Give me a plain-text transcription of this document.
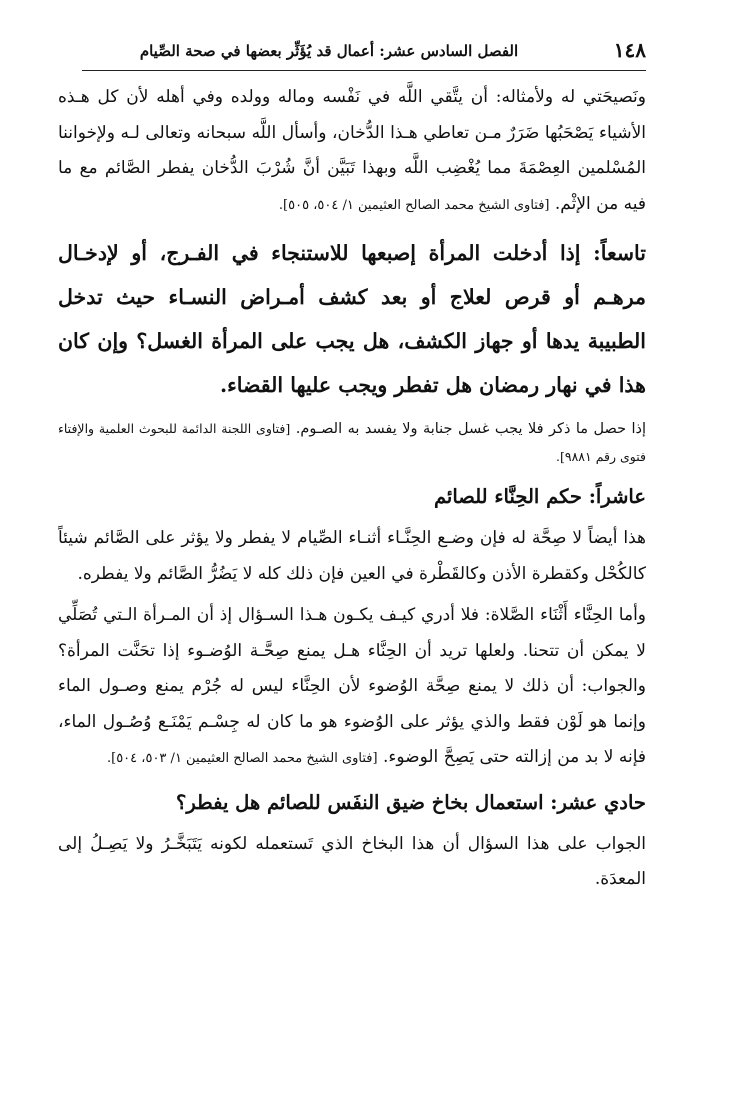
١٤٨
الفصل السادس عشر: أعمال قد يُؤَثِّر بعضها في صحة الصِّيام

ونَصيحَتي له ولأمثاله: أن يتَّقي اللَّه في نَفْسه وماله وولده وفي أهله لأن كل هـذه الأشياء يَصْحَبُها ضَرَرٌ مـن تعاطي هـذا الدُّخان، وأسأل اللَّه سبحانه وتعالى لـه ولإخواننا المُسْلمين العِصْمَةَ مما يُغْضِب اللَّه وبهذا تَبَيَّن أنَّ شُرْبَ الدُّخان يفطر الصَّائم مع ما فيه من الإثْم. [فتاوى الشيخ محمد الصالح العثيمين ١/ ٥٠٤، ٥٠٥].

تاسعاً: إذا أدخلت المرأة إصبعها للاستنجاء في الفـرج، أو لإدخـال مرهـم أو قرص لعلاج أو بعد كشف أمـراض النسـاء حيث تدخل الطبيبة يدها أو جهاز الكشف، هل يجب على المرأة الغسل؟ وإن كان هذا في نهار رمضان هل تفطر ويجب عليها القضاء.

إذا حصل ما ذكر فلا يجب غسل جنابة ولا يفسد به الصـوم. [فتاوى اللجنة الدائمة للبحوث العلمية والإفتاء فتوى رقم ٩٨٨١].

عاشراً: حكم الحِنَّاء للصائم

هذا أيضاً لا صِحَّة له فإن وضـع الحِنَّـاء أثنـاء الصِّيام لا يفطر ولا يؤثر على الصَّائم شيئاً كالكُحْل وكقطرة الأذن وكالقَطْرة في العين فإن ذلك كله لا يَضُرُّ الصَّائم ولا يفطره.

وأما الحِنَّاء أَثْنَاء الصَّلاة: فلا أدري كيـف يكـون هـذا السـؤال إذ أن المـرأة الـتي تُصَلِّي لا يمكن أن تتحنا. ولعلها تريد أن الحِنَّاء هـل يمنع صِحَّـة الوُضـوء إذا تحَنَّت المرأة؟ والجواب: أن ذلك لا يمنع صِحَّة الوُضوء لأن الحِنَّاء ليس له جُرْم يمنع وصـول الماء وإنما هو لَوْن فقط والذي يؤثر على الوُضوء هو ما كان له جِسْـم يَمْنَـع وُصُـول الماء، فإنه لا بد من إزالته حتى يَصِحَّ الوضوء. [فتاوى الشيخ محمد الصالح العثيمين ١/ ٥٠٣، ٥٠٤].

حادي عشر: استعمال بخاخ ضيق النفَس للصائم هل يفطر؟

الجواب على هذا السؤال أن هذا البخاخ الذي تَستعمله لكونه يَتَبَخَّـرُ ولا يَصِـلُ إلى المعدَة.
